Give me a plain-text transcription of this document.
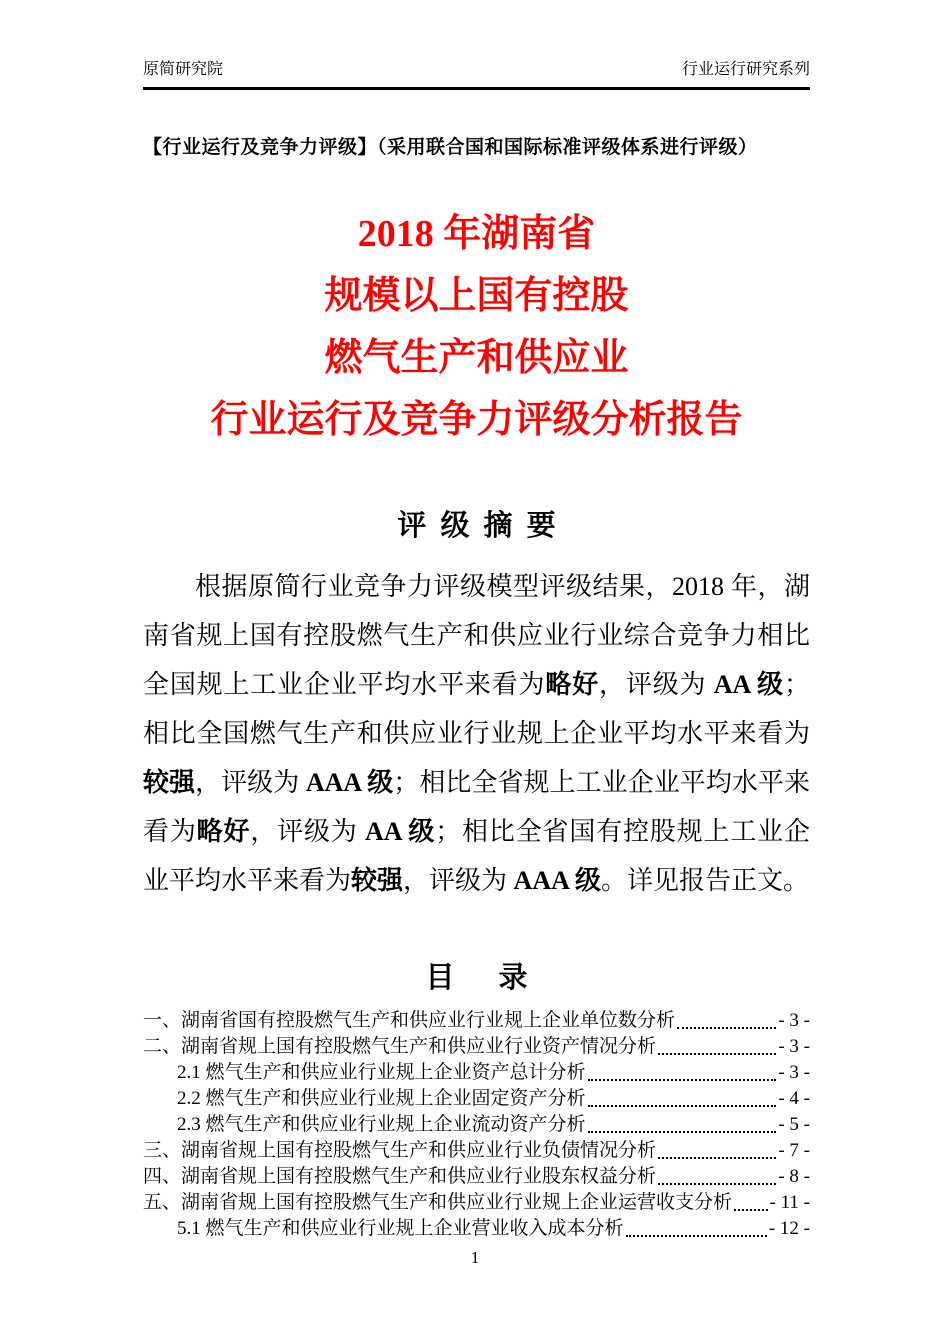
原简研究院	行业运行研究系列
【行业运行及竞争力评级】（采用联合国和国际标准评级体系进行评级）
2018 年湖南省
规模以上国有控股
燃气生产和供应业
行业运行及竞争力评级分析报告
评 级 摘 要

根据原简行业竞争力评级模型评级结果，2018 年，湖南省规上国有控股燃气生产和供应业行业综合竞争力相比全国规上工业企业平均水平来看为略好，评级为 AA 级；相比全国燃气生产和供应业行业规上企业平均水平来看为较强，评级为 AAA 级；相比全省规上工业企业平均水平来看为略好，评级为 AA 级；相比全省国有控股规上工业企业平均水平来看为较强，评级为 AAA 级。详见报告正文。

目  录
一、湖南省国有控股燃气生产和供应业行业规上企业单位数分析	- 3 -
二、湖南省规上国有控股燃气生产和供应业行业资产情况分析	- 3 -
2.1 燃气生产和供应业行业规上企业资产总计分析	- 3 -
2.2 燃气生产和供应业行业规上企业固定资产分析	- 4 -
2.3 燃气生产和供应业行业规上企业流动资产分析	- 5 -
三、湖南省规上国有控股燃气生产和供应业行业负债情况分析	- 7 -
四、湖南省规上国有控股燃气生产和供应业行业股东权益分析	- 8 -
五、湖南省规上国有控股燃气生产和供应业行业规上企业运营收支分析 - 11 -
5.1 燃气生产和供应业行业规上企业营业收入成本分析	- 12 -
1
